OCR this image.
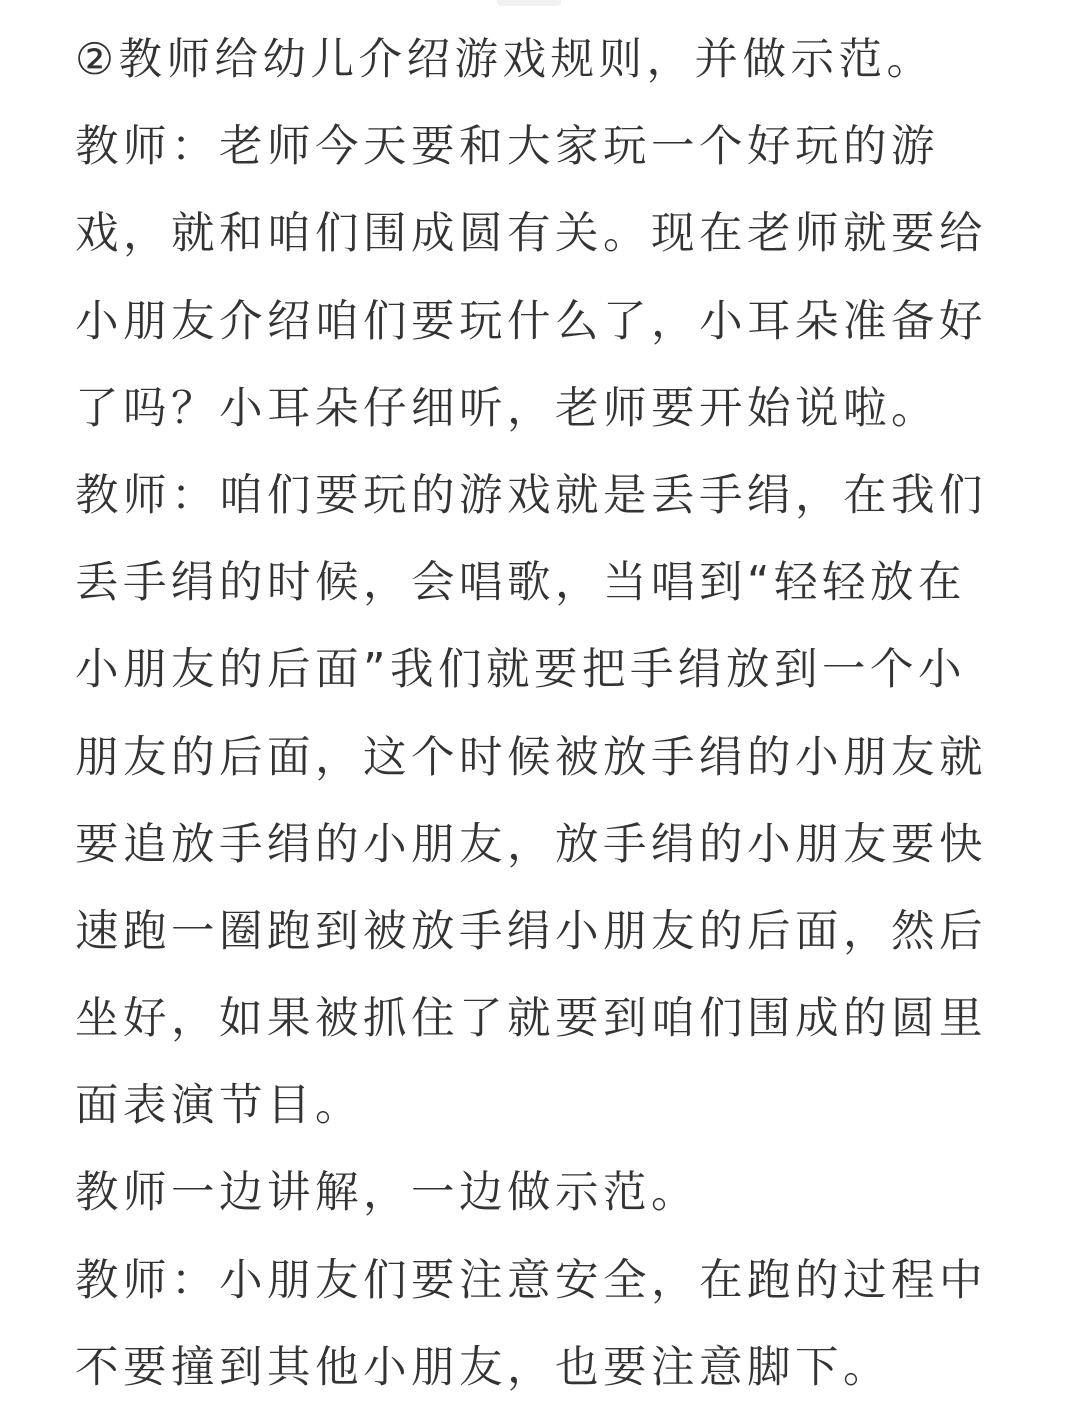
②教师给幼儿介绍游戏规则，并做示范。
教师：老师今天要和大家玩一个好玩的游
戏，就和咱们围成圆有关。现在老师就要给
小朋友介绍咱们要玩什么了，小耳朵准备好
了吗？小耳朵仔细听，老师要开始说啦。
教师：咱们要玩的游戏就是丢手绢，在我们
丢手绢的时候，会唱歌，当唱到“轻轻放在
小朋友的后面”我们就要把手绢放到一个小
朋友的后面，这个时候被放手绢的小朋友就
要追放手绢的小朋友，放手绢的小朋友要快
速跑一圈跑到被放手绢小朋友的后面，然后
坐好，如果被抓住了就要到咱们围成的圆里
面表演节目。
教师一边讲解，一边做示范。
教师：小朋友们要注意安全，在跑的过程中
不要撞到其他小朋友，也要注意脚下。
